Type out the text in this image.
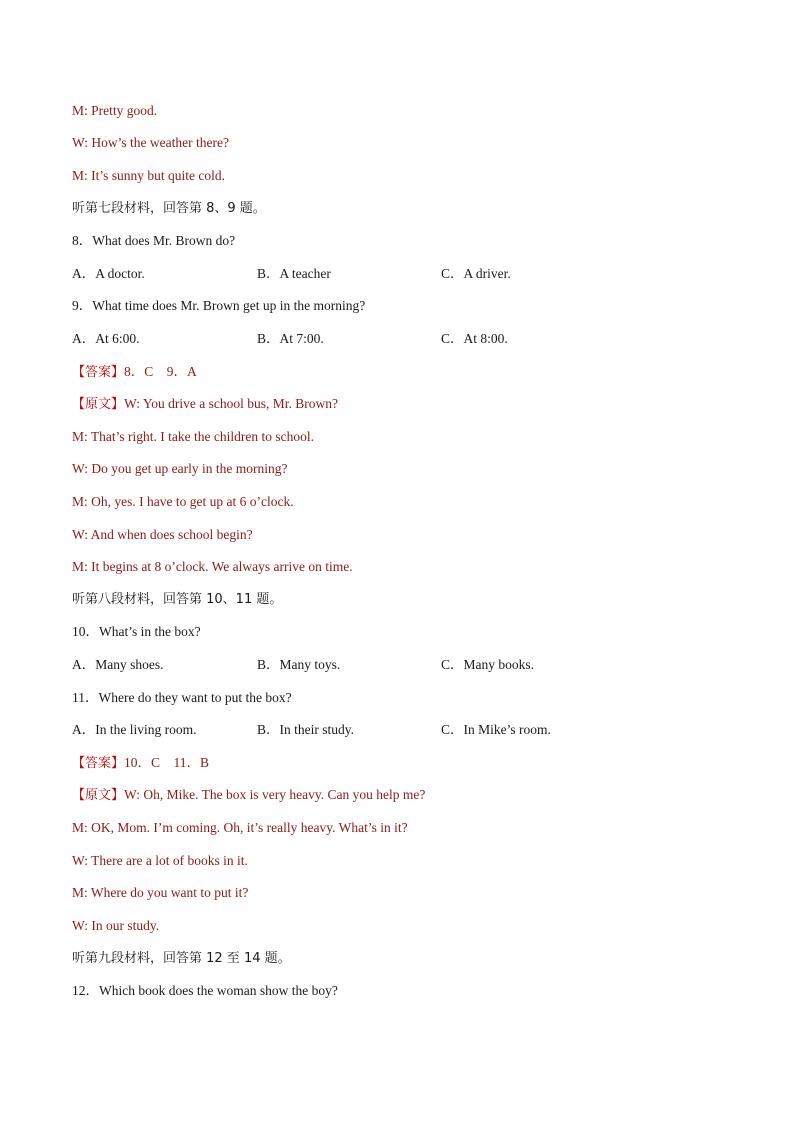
M: Pretty good.
W: How’s the weather there?
M: It’s sunny but quite cold.
听第七段材料，回答第 8、9 题。
8．What does Mr. Brown do?
A．A doctor.	B．A teacher	C．A driver.
9．What time does Mr. Brown get up in the morning?
A．At 6:00.	B．At 7:00.	C．At 8:00.
【答案】8．C　9．A
【原文】W: You drive a school bus, Mr. Brown?
M: That’s right. I take the children to school.
W: Do you get up early in the morning?
M: Oh, yes. I have to get up at 6 o’clock.
W: And when does school begin?
M: It begins at 8 o’clock. We always arrive on time.
听第八段材料，回答第 10、11 题。
10．What’s in the box?
A．Many shoes.	B．Many toys.	C．Many books.
11．Where do they want to put the box?
A．In the living room.	B．In their study.	C．In Mike’s room.
【答案】10．C　11．B
【原文】W: Oh, Mike. The box is very heavy. Can you help me?
M: OK, Mom. I’m coming. Oh, it’s really heavy. What’s in it?
W: There are a lot of books in it.
M: Where do you want to put it?
W: In our study.
听第九段材料，回答第 12 至 14 题。
12．Which book does the woman show the boy?
